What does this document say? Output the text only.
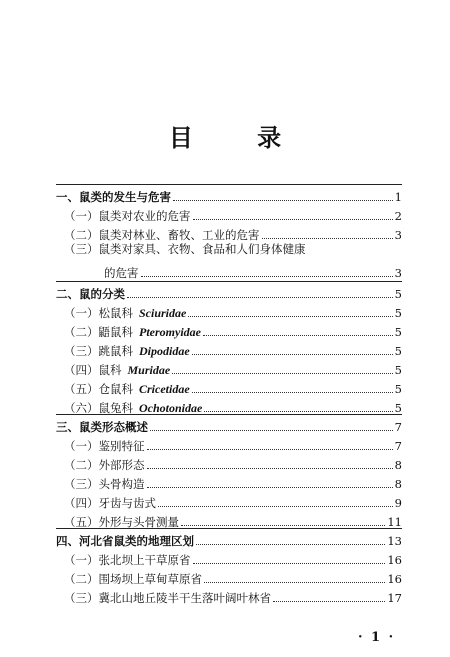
目 录
一、鼠类的发生与危害	1
（一）鼠类对农业的危害	2
（二）鼠类对林业、畜牧、工业的危害	3
（三）鼠类对家具、衣物、食品和人们身体健康
的危害	3
二、鼠的分类	5
（一）松鼠科 Sciuridae	5
（二）鼯鼠科 Pteromyidae	5
（三）跳鼠科 Dipodidae	5
（四）鼠科 Muridae	5
（五）仓鼠科 Cricetidae	5
（六）鼠兔科 Ochotonidae	5
三、鼠类形态概述	7
（一）鉴别特征	7
（二）外部形态	8
（三）头骨构造	8
（四）牙齿与齿式	9
（五）外形与头骨测量	11
四、河北省鼠类的地理区划	13
（一）张北坝上干草原省	16
（二）围场坝上草甸草原省	16
（三）冀北山地丘陵半干生落叶阔叶林省	17
· 1 ·
